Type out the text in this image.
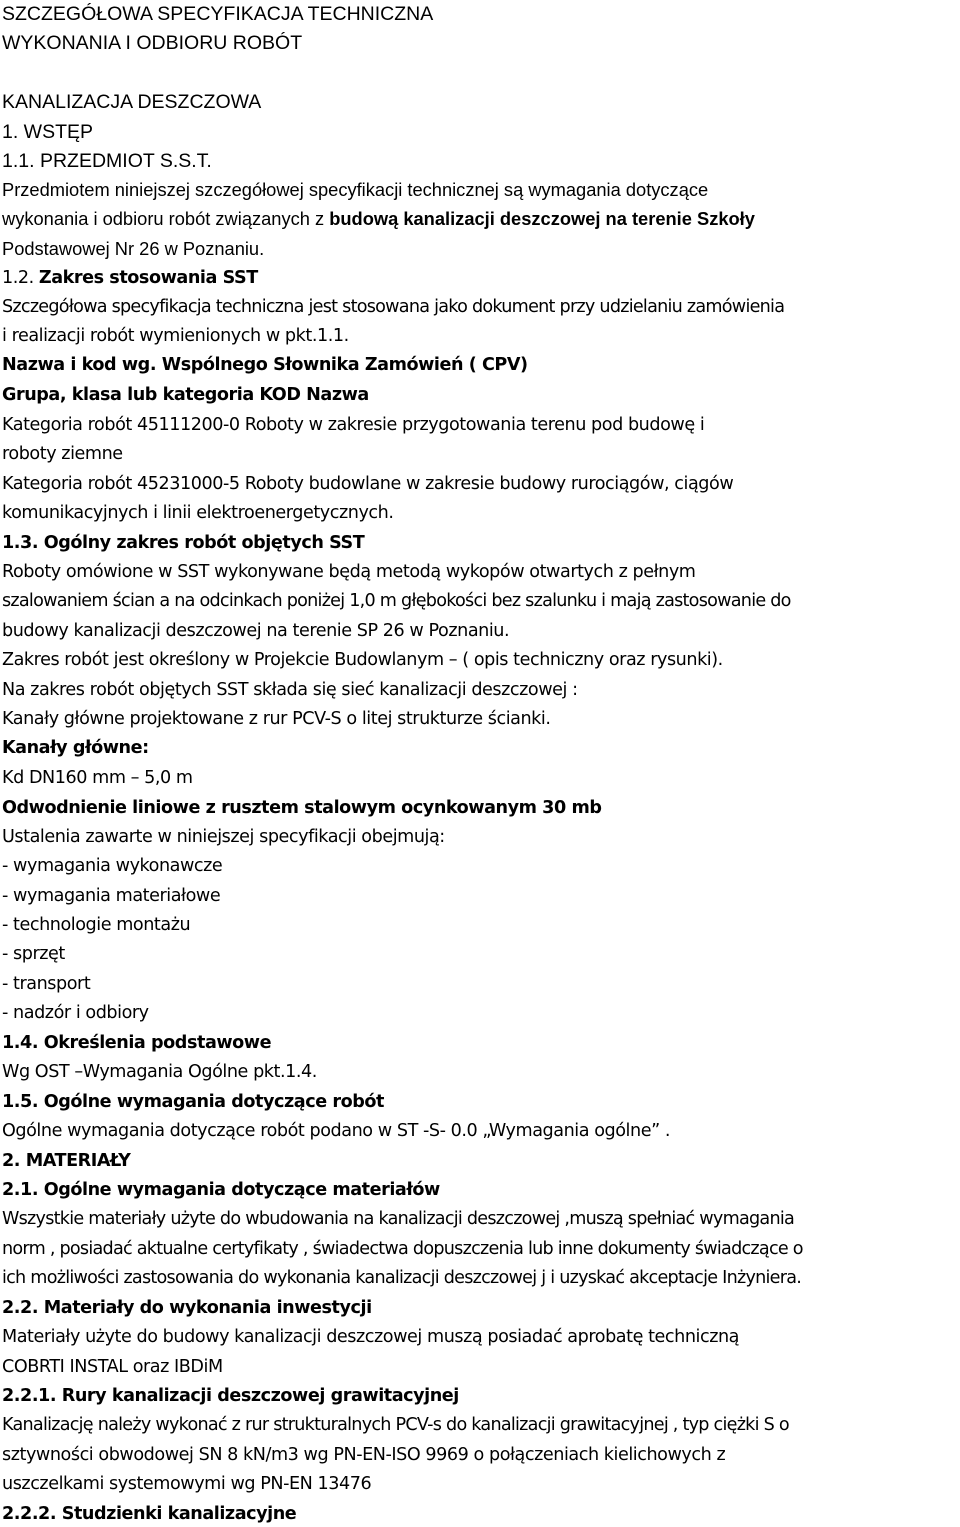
SZCZEGÓŁOWA SPECYFIKACJA TECHNICZNA
WYKONANIA I ODBIORU ROBÓT
KANALIZACJA DESZCZOWA
1. WSTĘP
1.1. PRZEDMIOT S.S.T.
Przedmiotem niniejszej szczegółowej specyfikacji technicznej są wymagania dotyczące
wykonania i odbioru robót związanych z budową kanalizacji deszczowej na terenie Szkoły
Podstawowej Nr 26 w Poznaniu.
1.2. Zakres stosowania SST
Szczegółowa specyfikacja techniczna jest stosowana jako dokument przy udzielaniu zamówienia
i realizacji robót wymienionych w pkt.1.1.
Nazwa i kod wg. Wspólnego Słownika Zamówień ( CPV)
Grupa, klasa lub kategoria KOD Nazwa
Kategoria robót 45111200-0 Roboty w zakresie przygotowania terenu pod budowę i
roboty ziemne
Kategoria robót 45231000-5 Roboty budowlane w zakresie budowy rurociągów, ciągów
komunikacyjnych i linii elektroenergetycznych.
1.3. Ogólny zakres robót objętych SST
Roboty omówione w SST wykonywane będą metodą wykopów otwartych z pełnym
szalowaniem ścian a na odcinkach poniżej 1,0 m głębokości bez szalunku i mają zastosowanie do
budowy kanalizacji deszczowej na terenie SP 26 w Poznaniu.
Zakres robót jest określony w Projekcie Budowlanym – ( opis techniczny oraz rysunki).
Na zakres robót objętych SST składa się sieć kanalizacji deszczowej :
Kanały główne projektowane z rur PCV-S o litej strukturze ścianki.
Kanały główne:
Kd DN160 mm – 5,0 m
Odwodnienie liniowe z rusztem stalowym ocynkowanym 30 mb
Ustalenia zawarte w niniejszej specyfikacji obejmują:
- wymagania wykonawcze
- wymagania materiałowe
- technologie montażu
- sprzęt
- transport
- nadzór i odbiory
1.4. Określenia podstawowe
Wg OST –Wymagania Ogólne pkt.1.4.
1.5. Ogólne wymagania dotyczące robót
Ogólne wymagania dotyczące robót podano w ST -S- 0.0 „Wymagania ogólne” .
2. MATERIAŁY
2.1. Ogólne wymagania dotyczące materiałów
Wszystkie materiały użyte do wbudowania na kanalizacji deszczowej ,muszą spełniać wymagania
norm , posiadać aktualne certyfikaty , świadectwa dopuszczenia lub inne dokumenty świadczące o
ich możliwości zastosowania do wykonania kanalizacji deszczowej j i uzyskać akceptacje Inżyniera.
2.2. Materiały do wykonania inwestycji
Materiały użyte do budowy kanalizacji deszczowej muszą posiadać aprobatę techniczną
COBRTI INSTAL oraz IBDiM
2.2.1. Rury kanalizacji deszczowej grawitacyjnej
Kanalizację należy wykonać z rur strukturalnych PCV-s do kanalizacji grawitacyjnej , typ ciężki S o
sztywności obwodowej SN 8 kN/m3 wg PN-EN-ISO 9969 o połączeniach kielichowych z
uszczelkami systemowymi wg PN-EN 13476
2.2.2. Studzienki kanalizacyjne
